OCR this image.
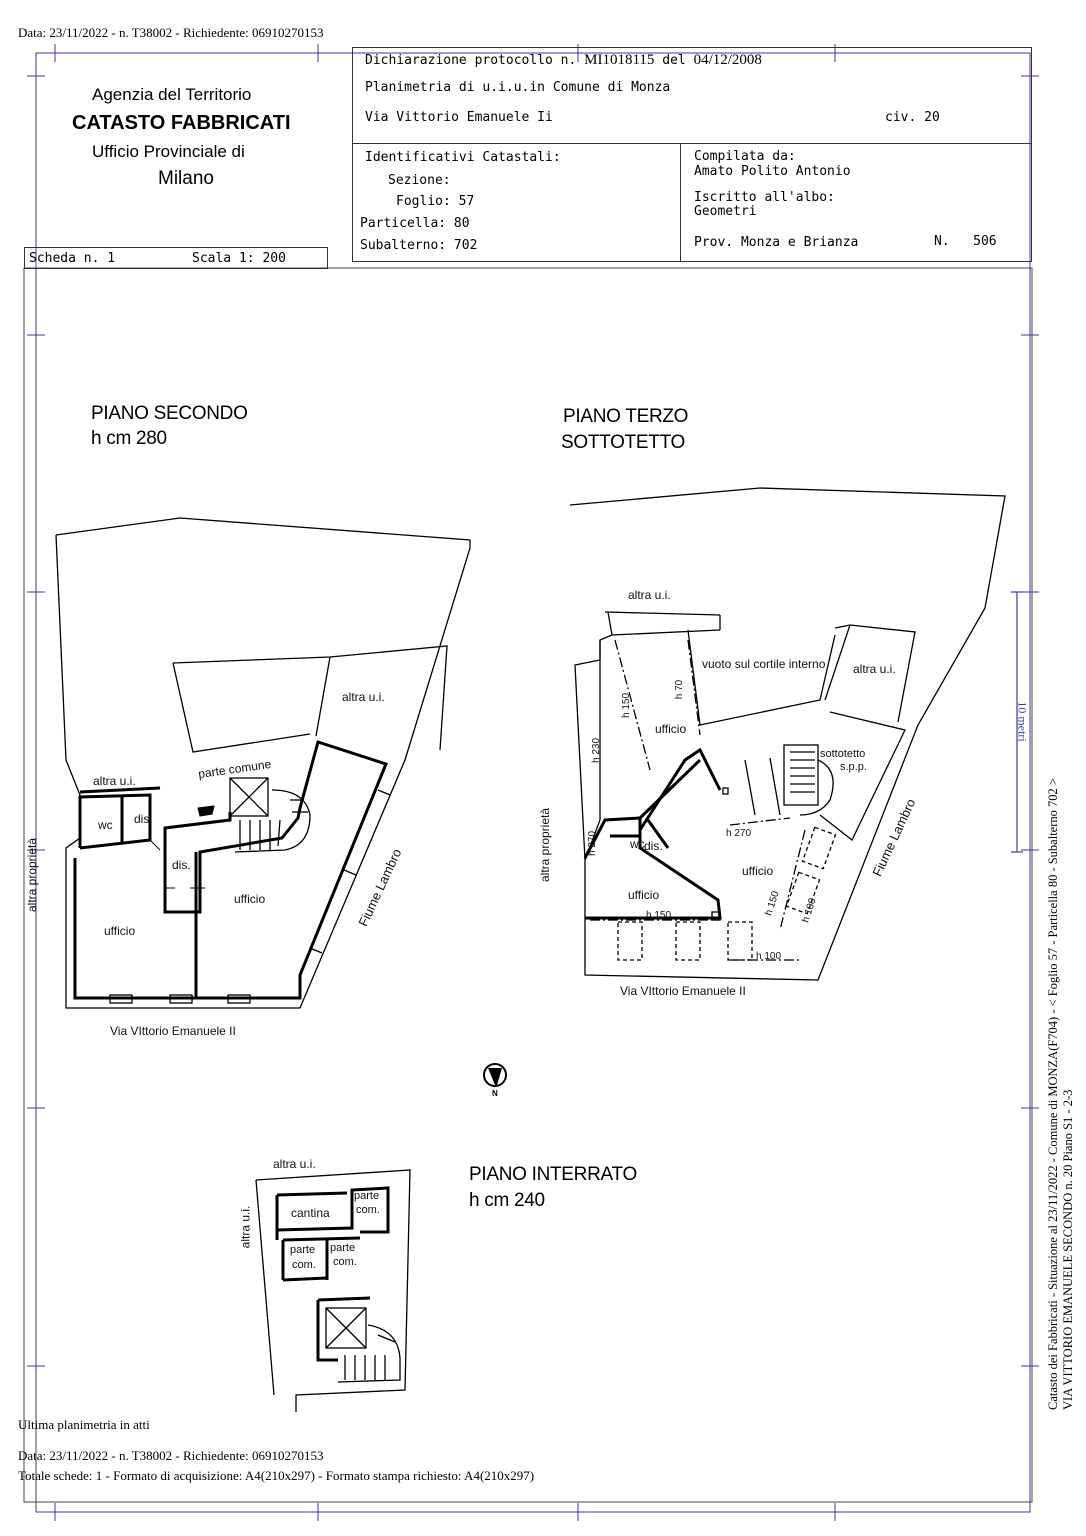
Data: 23/11/2022 - n. T38002 - Richiedente: 06910270153
Agenzia del Territorio
CATASTO FABBRICATI
Ufficio Provinciale di
Milano
Dichiarazione protocollo n. MI1018115 del 04/12/2008
Planimetria di u.i.u.in Comune di Monza
Via Vittorio Emanuele Ii	civ. 20
Identificativi Catastali:
Sezione:
Foglio: 57
Particella: 80
Subalterno: 702
Compilata da:
Amato Polito Antonio
Iscritto all'albo:
Geometri
Prov. Monza e Brianza	N. 506
Scheda n. 1	Scala 1: 200
PIANO SECONDO
h cm 280
altra u.i.
altra u.i.
parte comune
wc dis.
dis.
ufficio
ufficio
altra proprietà	Fiume Lambro
Via VIttorio Emanuele II
PIANO TERZO
SOTTOTETTO
altra u.i.
altra u.i.
vuoto sul cortile interno
ufficio
ufficio
ufficio
sottotetto
s.p.p.
wc dis.
h 150
h 70
h 230
h 270	h 270
h 150	h 150 h 100
h 100
altra proprietà	Fiume Lambro
Via VIttorio Emanuele II
N
PIANO INTERRATO
h cm 240
altra u.i.
altra u.i.	cantina
parte
com.
parte
com.
parte
com.
10 metri
Catasto dei Fabbricati - Situazione al 23/11/2022 - Comune di MONZA(F704) - < Foglio 57 - Particella 80 - Subalterno 702 > VIA VITTORIO EMANUELE SECONDO n. 20 Piano S1 - 2-3
Ultima planimetria in atti
Data: 23/11/2022 - n. T38002 - Richiedente: 06910270153
Totale schede: 1 - Formato di acquisizione: A4(210x297) - Formato stampa richiesto: A4(210x297)
